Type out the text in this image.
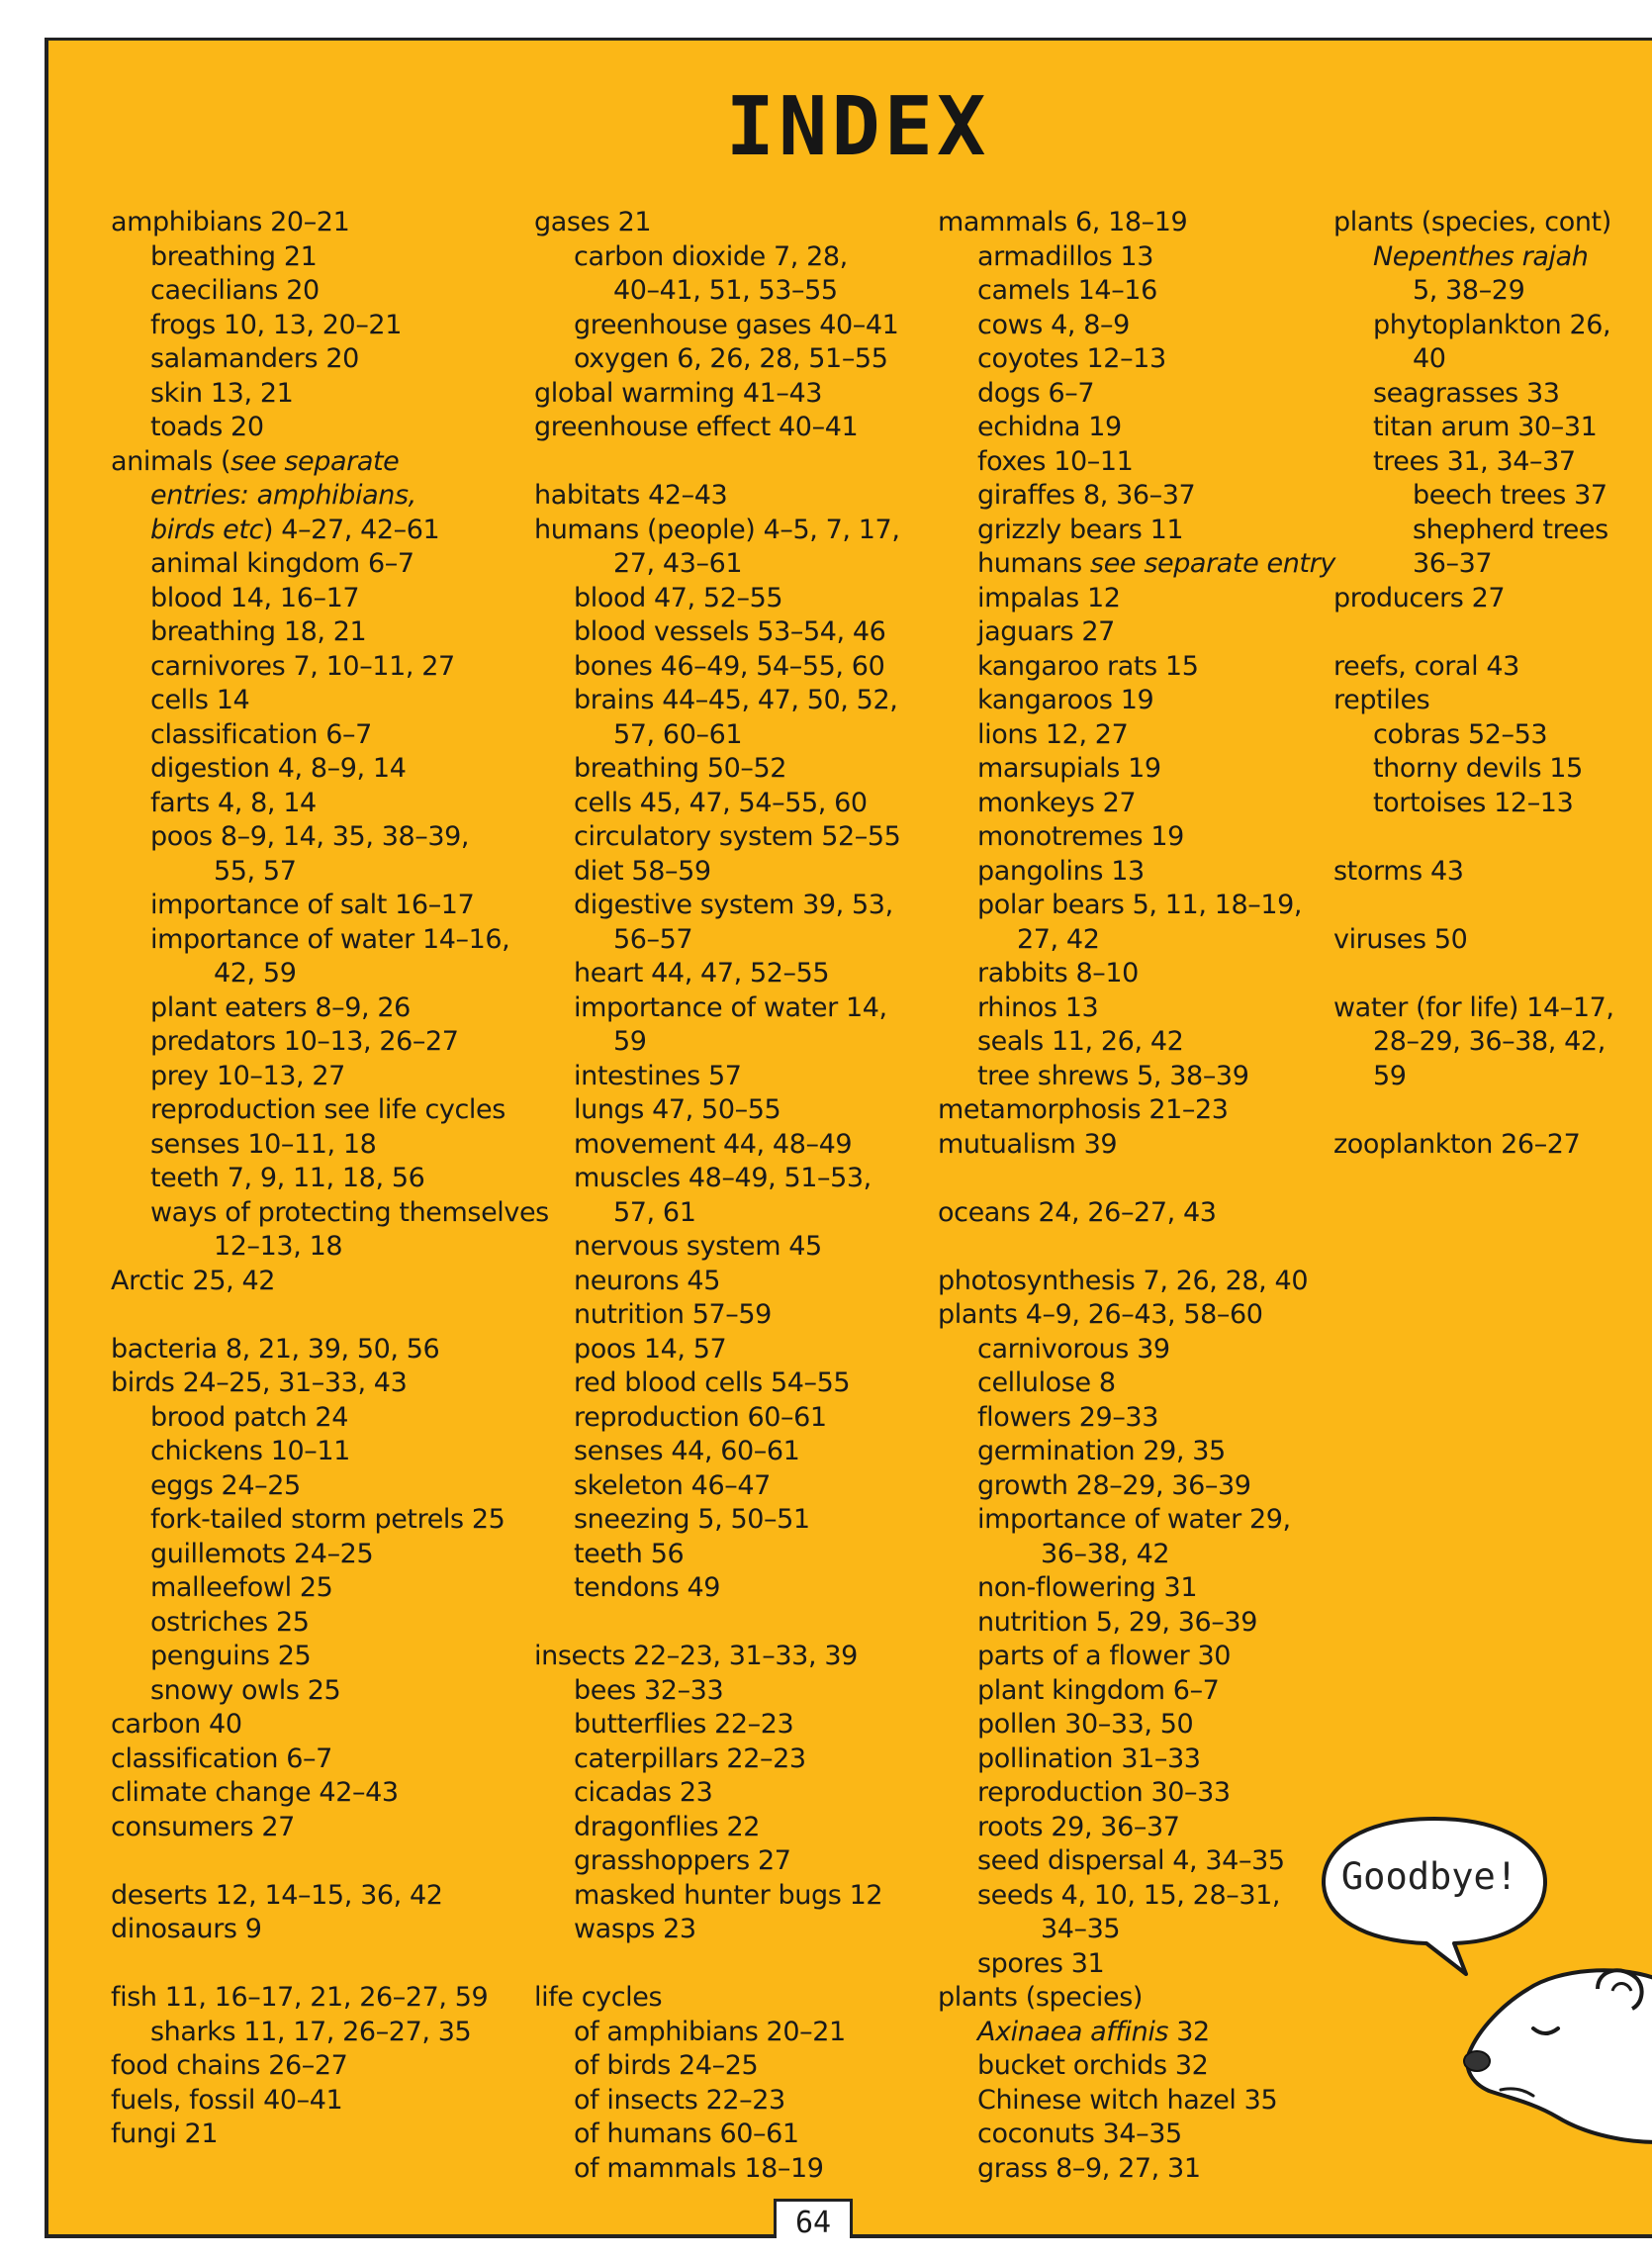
INDEX
amphibians 20–21
breathing 21
caecilians 20
frogs 10, 13, 20–21
salamanders 20
skin 13, 21
toads 20
animals (see separate
entries: amphibians,
birds etc) 4–27, 42–61
animal kingdom 6–7
blood 14, 16–17
breathing 18, 21
carnivores 7, 10–11, 27
cells 14
classification 6–7
digestion 4, 8–9, 14
farts 4, 8, 14
poos 8–9, 14, 35, 38–39,
55, 57
importance of salt 16–17
importance of water 14–16,
42, 59
plant eaters 8–9, 26
predators 10–13, 26–27
prey 10–13, 27
reproduction see life cycles
senses 10–11, 18
teeth 7, 9, 11, 18, 56
ways of protecting themselves
12–13, 18
Arctic 25, 42
bacteria 8, 21, 39, 50, 56
birds 24–25, 31–33, 43
brood patch 24
chickens 10–11
eggs 24–25
fork-tailed storm petrels 25
guillemots 24–25
malleefowl 25
ostriches 25
penguins 25
snowy owls 25
carbon 40
classification 6–7
climate change 42–43
consumers 27
deserts 12, 14–15, 36, 42
dinosaurs 9
fish 11, 16–17, 21, 26–27, 59
sharks 11, 17, 26–27, 35
food chains 26–27
fuels, fossil 40–41
fungi 21
gases 21
carbon dioxide 7, 28,
40–41, 51, 53–55
greenhouse gases 40–41
oxygen 6, 26, 28, 51–55
global warming 41–43
greenhouse effect 40–41
habitats 42–43
humans (people) 4–5, 7, 17,
27, 43–61
blood 47, 52–55
blood vessels 53–54, 46
bones 46–49, 54–55, 60
brains 44–45, 47, 50, 52,
57, 60–61
breathing 50–52
cells 45, 47, 54–55, 60
circulatory system 52–55
diet 58–59
digestive system 39, 53,
56–57
heart 44, 47, 52–55
importance of water 14,
59
intestines 57
lungs 47, 50–55
movement 44, 48–49
muscles 48–49, 51–53,
57, 61
nervous system 45
neurons 45
nutrition 57–59
poos 14, 57
red blood cells 54–55
reproduction 60–61
senses 44, 60–61
skeleton 46–47
sneezing 5, 50–51
teeth 56
tendons 49
insects 22–23, 31–33, 39
bees 32–33
butterflies 22–23
caterpillars 22–23
cicadas 23
dragonflies 22
grasshoppers 27
masked hunter bugs 12
wasps 23
life cycles
of amphibians 20–21
of birds 24–25
of insects 22–23
of humans 60–61
of mammals 18–19
mammals 6, 18–19
armadillos 13
camels 14–16
cows 4, 8–9
coyotes 12–13
dogs 6–7
echidna 19
foxes 10–11
giraffes 8, 36–37
grizzly bears 11
humans see separate entry
impalas 12
jaguars 27
kangaroo rats 15
kangaroos 19
lions 12, 27
marsupials 19
monkeys 27
monotremes 19
pangolins 13
polar bears 5, 11, 18–19,
27, 42
rabbits 8–10
rhinos 13
seals 11, 26, 42
tree shrews 5, 38–39
metamorphosis 21–23
mutualism 39
oceans 24, 26–27, 43
photosynthesis 7, 26, 28, 40
plants 4–9, 26–43, 58–60
carnivorous 39
cellulose 8
flowers 29–33
germination 29, 35
growth 28–29, 36–39
importance of water 29,
36–38, 42
non-flowering 31
nutrition 5, 29, 36–39
parts of a flower 30
plant kingdom 6–7
pollen 30–33, 50
pollination 31–33
reproduction 30–33
roots 29, 36–37
seed dispersal 4, 34–35
seeds 4, 10, 15, 28–31,
34–35
spores 31
plants (species)
Axinaea affinis 32
bucket orchids 32
Chinese witch hazel 35
coconuts 34–35
grass 8–9, 27, 31
plants (species, cont)
Nepenthes rajah
5, 38–29
phytoplankton 26,
40
seagrasses 33
titan arum 30–31
trees 31, 34–37
beech trees 37
shepherd trees
36–37
producers 27
reefs, coral 43
reptiles
cobras 52–53
thorny devils 15
tortoises 12–13
storms 43
viruses 50
water (for life) 14–17,
28–29, 36–38, 42,
59
zooplankton 26–27
Goodbye!
64
